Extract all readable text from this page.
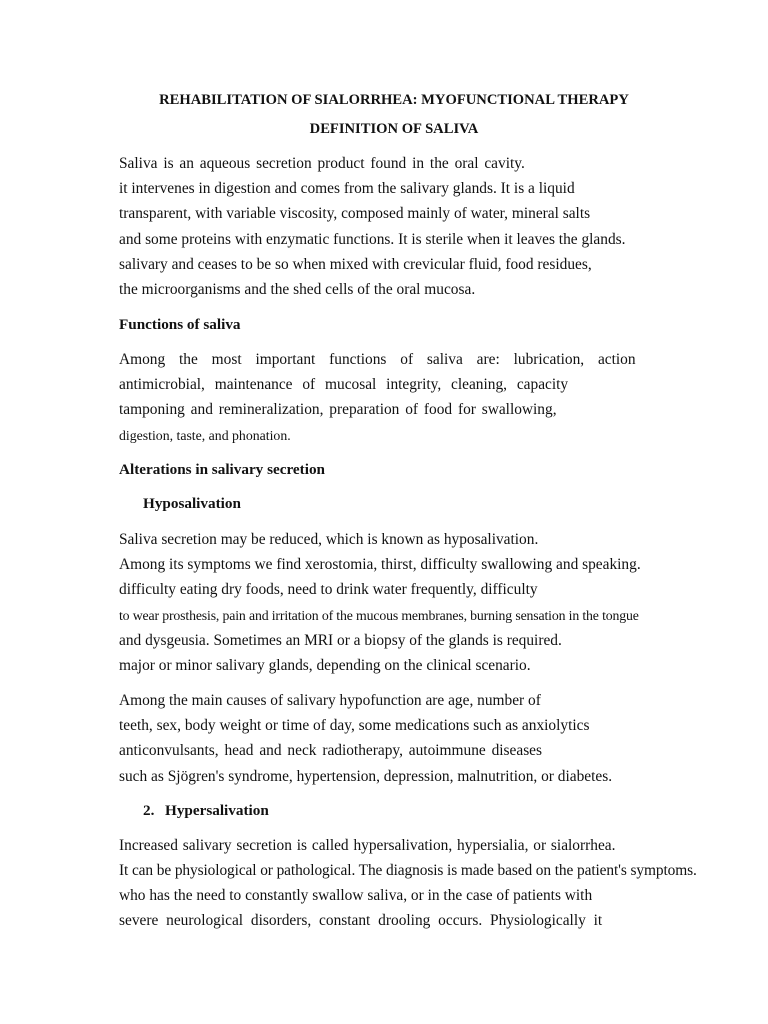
REHABILITATION OF SIALORRHEA: MYOFUNCTIONAL THERAPY
DEFINITION OF SALIVA
Saliva is an aqueous secretion product found in the oral cavity.
it intervenes in digestion and comes from the salivary glands. It is a liquid
transparent, with variable viscosity, composed mainly of water, mineral salts
and some proteins with enzymatic functions. It is sterile when it leaves the glands.
salivary and ceases to be so when mixed with crevicular fluid, food residues,
the microorganisms and the shed cells of the oral mucosa.
Functions of saliva
Among the most important functions of saliva are: lubrication, action
antimicrobial, maintenance of mucosal integrity, cleaning, capacity
tamponing and remineralization, preparation of food for swallowing,
digestion, taste, and phonation.
Alterations in salivary secretion
Hyposalivation
Saliva secretion may be reduced, which is known as hyposalivation.
Among its symptoms we find xerostomia, thirst, difficulty swallowing and speaking.
difficulty eating dry foods, need to drink water frequently, difficulty
to wear prosthesis, pain and irritation of the mucous membranes, burning sensation in the tongue
and dysgeusia. Sometimes an MRI or a biopsy of the glands is required.
major or minor salivary glands, depending on the clinical scenario.
Among the main causes of salivary hypofunction are age, number of
teeth, sex, body weight or time of day, some medications such as anxiolytics
anticonvulsants, head and neck radiotherapy, autoimmune diseases
such as Sjögren's syndrome, hypertension, depression, malnutrition, or diabetes.
2. Hypersalivation
Increased salivary secretion is called hypersalivation, hypersialia, or sialorrhea.
It can be physiological or pathological. The diagnosis is made based on the patient's symptoms.
who has the need to constantly swallow saliva, or in the case of patients with
severe neurological disorders, constant drooling occurs. Physiologically it
